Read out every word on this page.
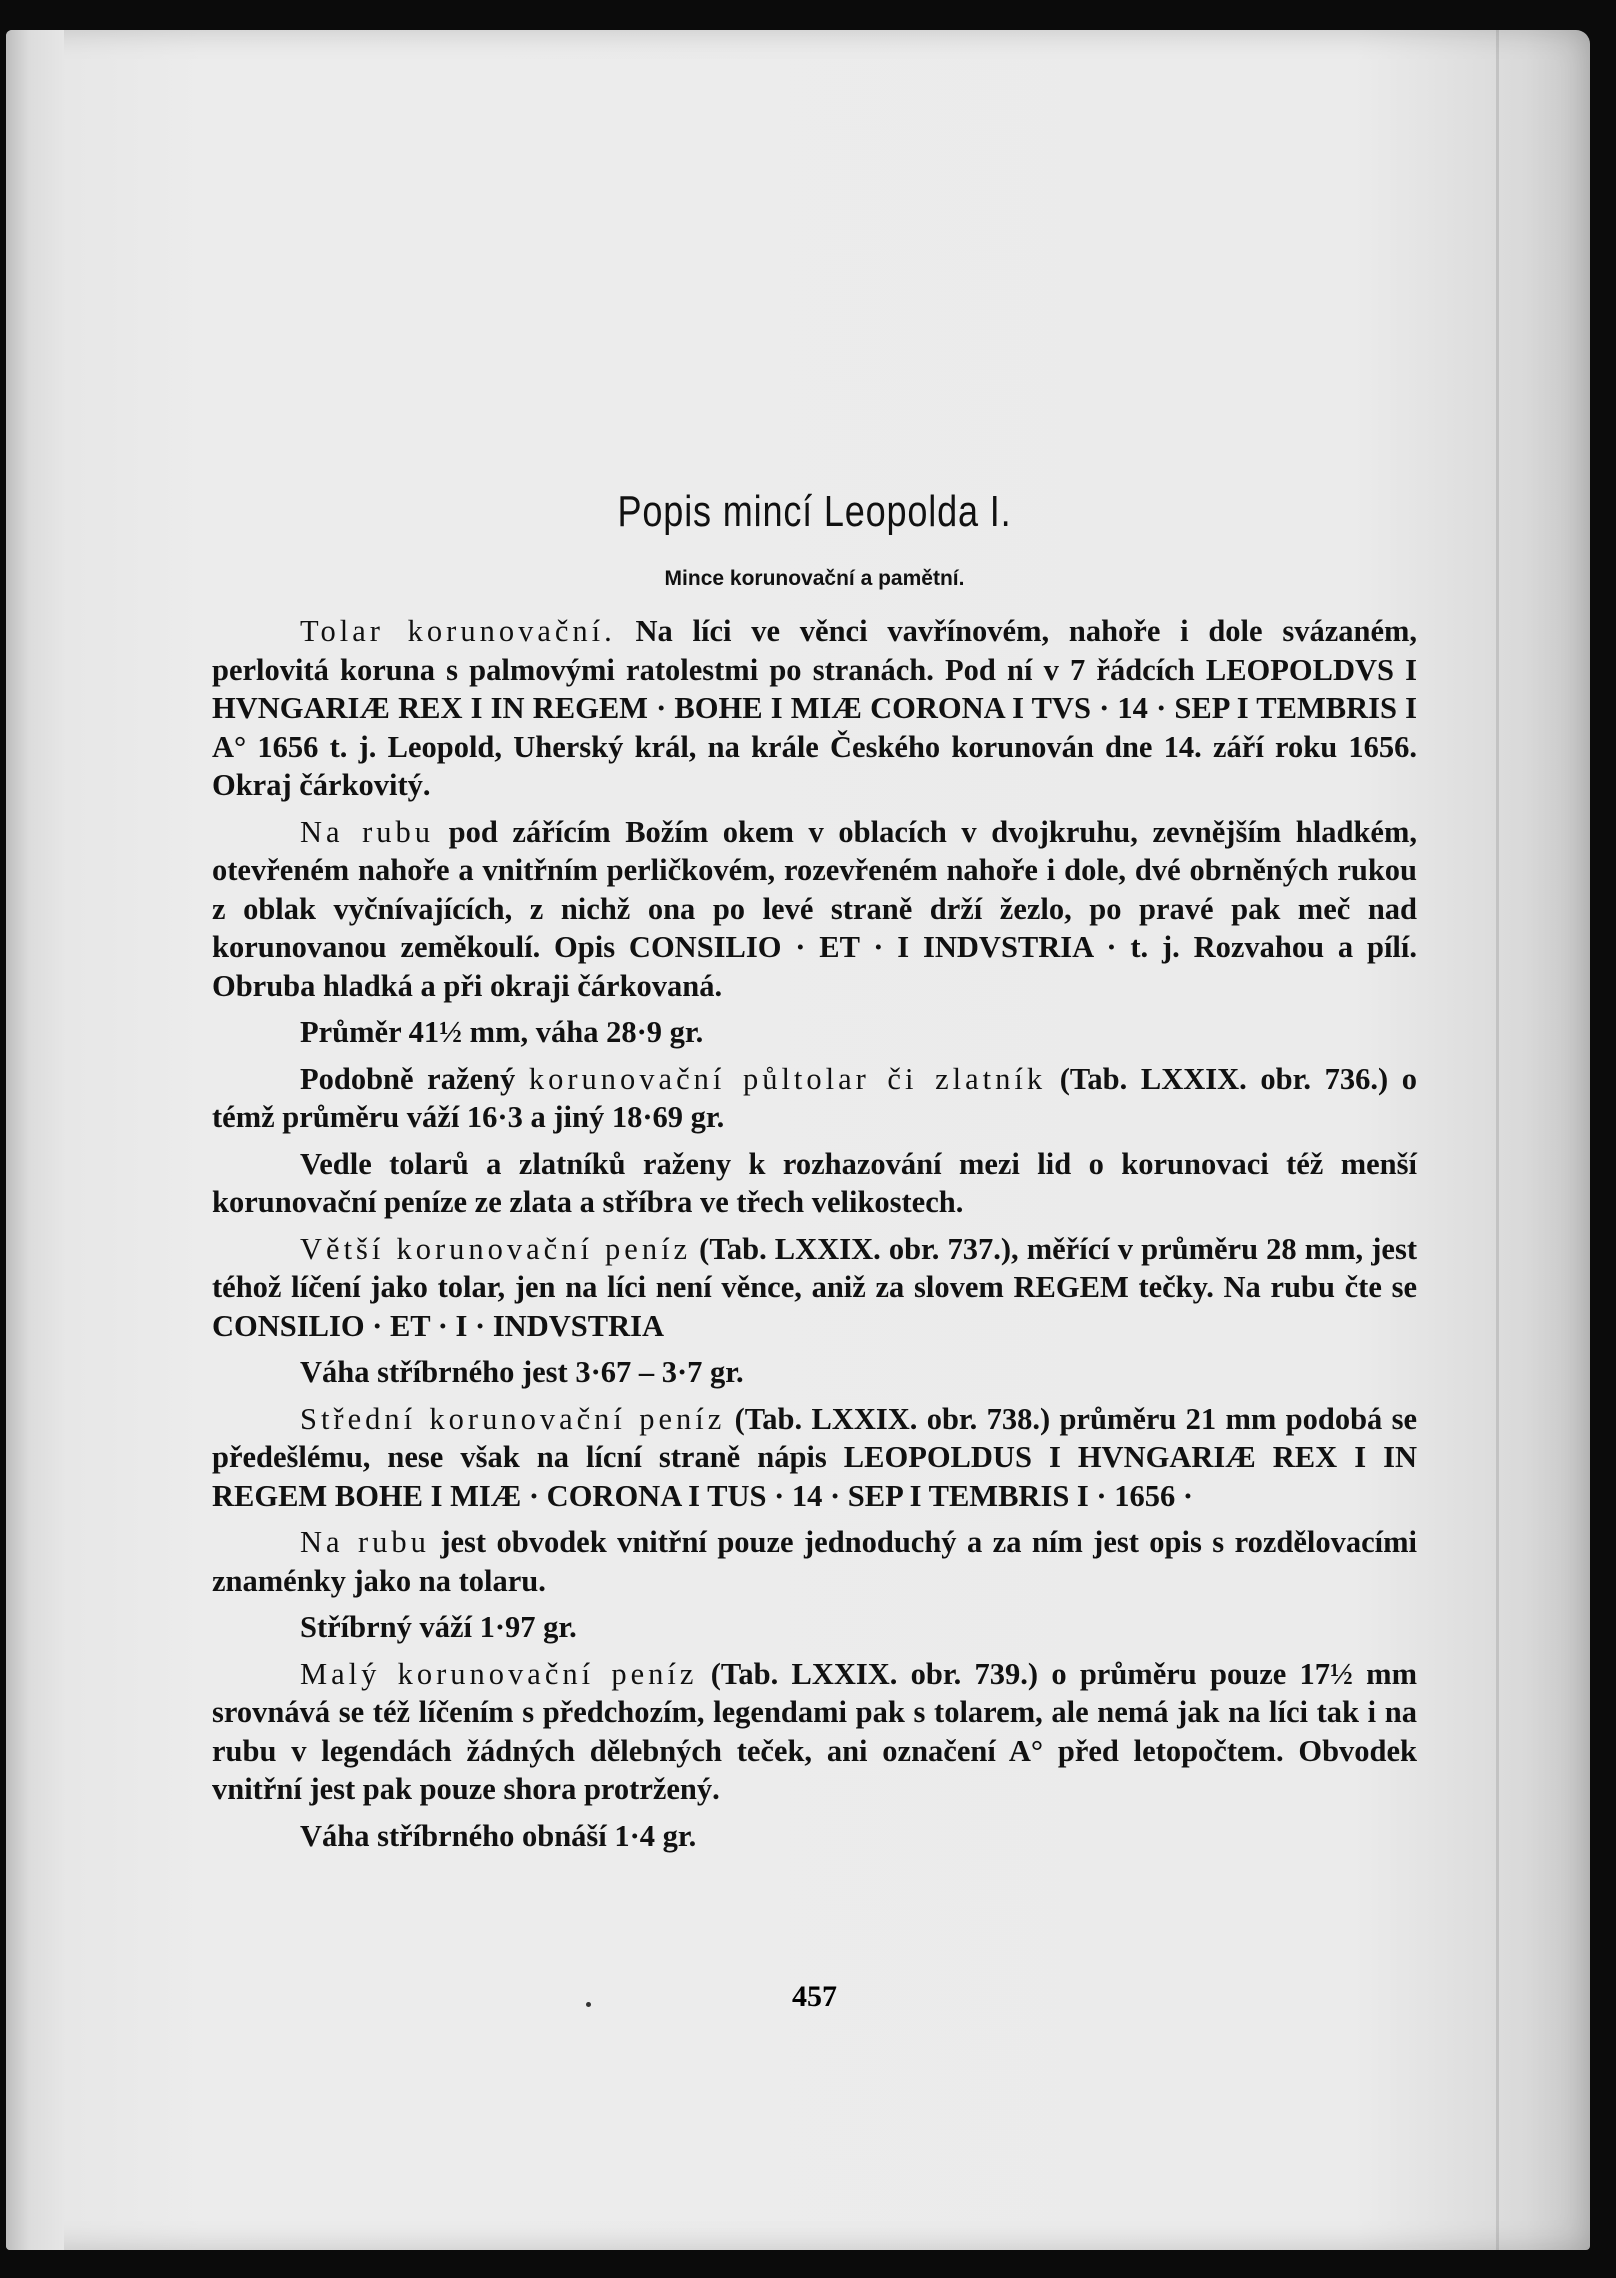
Popis mincí Leopolda I.
Mince korunovační a pamětní.

Tolar korunovační. Na líci ve věnci vavřínovém, nahoře i dole svázaném, perlovitá koruna s palmovými ratolestmi po stranách. Pod ní v 7 řádcích LEOPOLDVS I HVNGARIÆ REX I IN REGEM · BOHE I MIÆ CORONA I TVS · 14 · SEP I TEMBRIS I A° 1656 t. j. Leopold, Uherský král, na krále Českého korunován dne 14. září roku 1656. Okraj čárkovitý.

Na rubu pod zářícím Božím okem v oblacích v dvojkruhu, zevnějším hladkém, otevřeném nahoře a vnitřním perličkovém, rozevřeném nahoře i dole, dvé obrněných rukou z oblak vyčnívajících, z nichž ona po levé straně drží žezlo, po pravé pak meč nad korunovanou zeměkoulí. Opis CONSILIO · ET · I INDVSTRIA · t. j. Rozvahou a pílí. Obruba hladká a při okraji čárkovaná.

Průměr 41½ mm, váha 28·9 gr.

Podobně ražený korunovační půltolar či zlatník (Tab. LXXIX. obr. 736.) o témž průměru váží 16·3 a jiný 18·69 gr.

Vedle tolarů a zlatníků raženy k rozhazování mezi lid o korunovaci též menší korunovační peníze ze zlata a stříbra ve třech velikostech.

Větší korunovační peníz (Tab. LXXIX. obr. 737.), měřící v průměru 28 mm, jest téhož líčení jako tolar, jen na líci není věnce, aniž za slovem REGEM tečky. Na rubu čte se CONSILIO · ET · I · INDVSTRIA

Váha stříbrného jest 3·67 – 3·7 gr.

Střední korunovační peníz (Tab. LXXIX. obr. 738.) průměru 21 mm podobá se předešlému, nese však na lícní straně nápis LEOPOLDUS I HVNGARIÆ REX I IN REGEM BOHE I MIÆ · CORONA I TUS · 14 · SEP I TEMBRIS I · 1656 ·

Na rubu jest obvodek vnitřní pouze jednoduchý a za ním jest opis s rozdělovacími znaménky jako na tolaru.

Stříbrný váží 1·97 gr.

Malý korunovační peníz (Tab. LXXIX. obr. 739.) o průměru pouze 17½ mm srovnává se též líčením s předchozím, legendami pak s tolarem, ale nemá jak na líci tak i na rubu v legendách žádných dělebných teček, ani označení A° před letopočtem. Obvodek vnitřní jest pak pouze shora protržený.

Váha stříbrného obnáší 1·4 gr.

457
